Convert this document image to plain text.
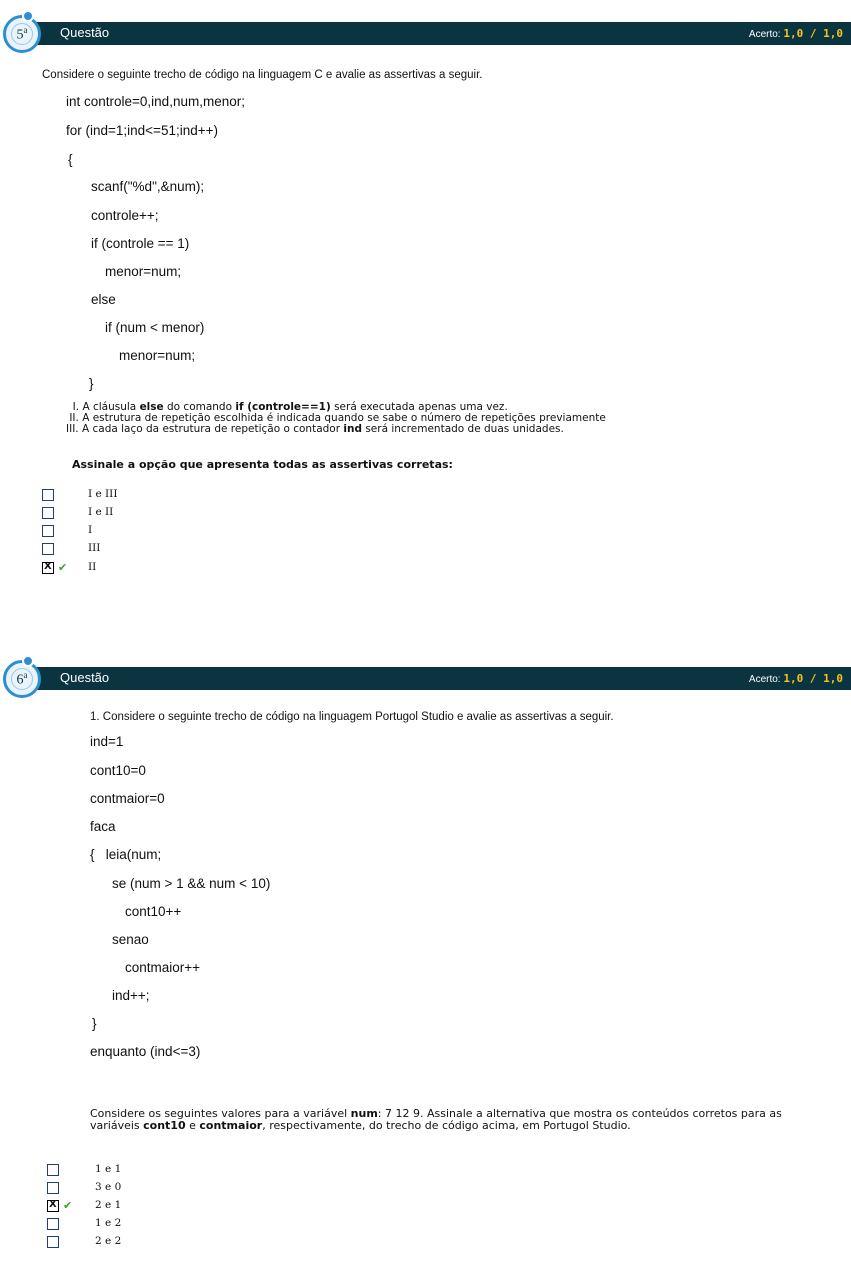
Questão	Acerto: 1,0 / 1,0
5$^a$
Considere o seguinte trecho de código na linguagem C e avalie as assertivas a seguir.
int controle=0,ind,num,menor;
for (ind=1;ind<=51;ind++)
{
scanf("%d",&num);
controle++;
if (controle == 1)
menor=num;
else
if (num < menor)
menor=num;
}
I. A cláusula else do comando if (controle==1) será executada apenas uma vez.
II. A estrutura de repetição escolhida é indicada quando se sabe o número de repetições previamente
III. A cada laço da estrutura de repetição o contador ind será incrementado de duas unidades.
Assinale a opção que apresenta todas as assertivas corretas:
I e III
I e II
I
III
X ✔ II
Questão	Acerto: 1,0 / 1,0
6$^a$
1. Considere o seguinte trecho de código na linguagem Portugol Studio e avalie as assertivas a seguir.
ind=1
cont10=0
contmaior=0
faca
{   leia(num;
se (num > 1 && num < 10)
cont10++
senao
contmaior++
ind++;
}
enquanto (ind<=3)
Considere os seguintes valores para a variável num: 7 12 9. Assinale a alternativa que mostra os conteúdos corretos para as variáveis cont10 e contmaior, respectivamente, do trecho de código acima, em Portugol Studio.
1 e 1
3 e 0
X ✔ 2 e 1
1 e 2
2 e 2
